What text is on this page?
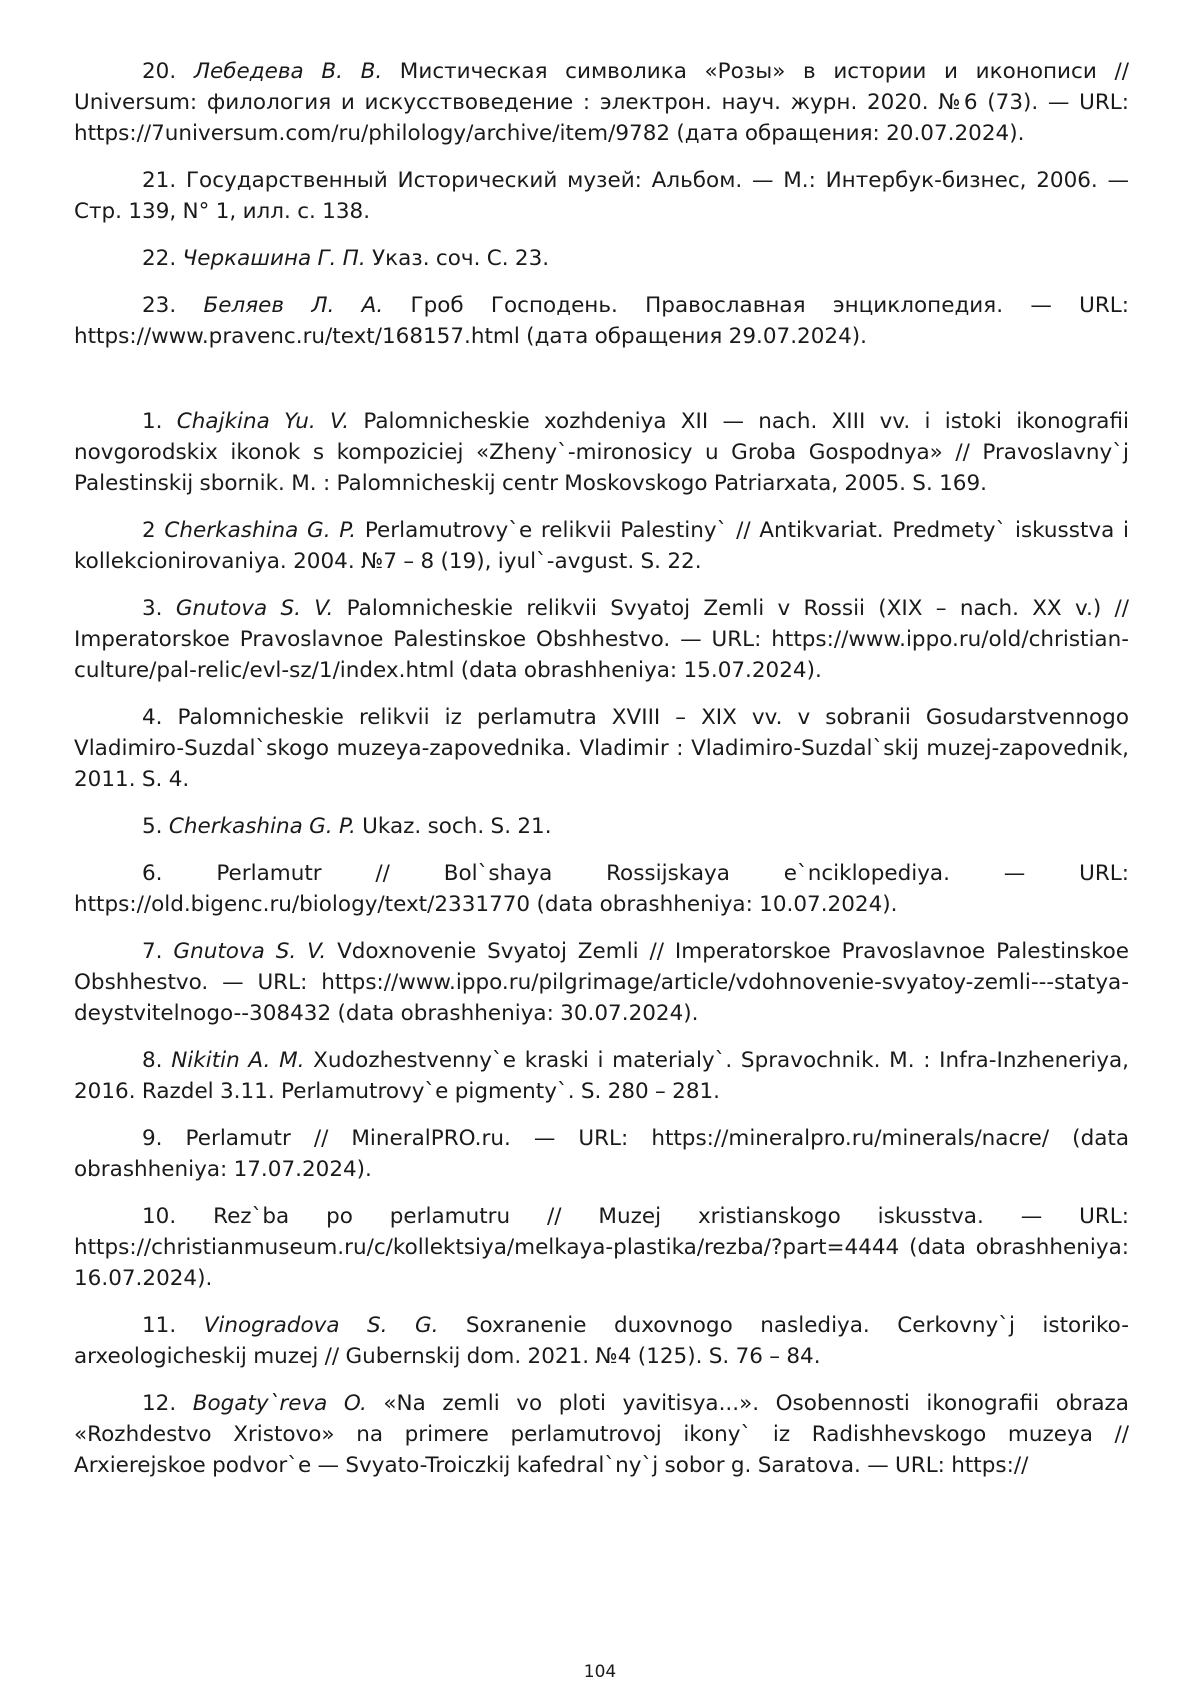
20. Лебедева В. В. Мистическая символика «Розы» в истории и иконописи // Universum: филология и искусствоведение : электрон. науч. журн. 2020. №6 (73). — URL: https://7universum.com/ru/philology/archive/item/9782 (дата обращения: 20.07.2024).

21. Государственный Исторический музей: Альбом. — М.: Интербук-бизнес, 2006. — Стр. 139, N° 1, илл. с. 138.

22. Черкашина Г. П. Указ. соч. С. 23.

23. Беляев Л. А. Гроб Господень. Православная энциклопедия. — URL: https://www.pravenc.ru/text/168157.html (дата обращения 29.07.2024).

1. Chajkina Yu. V. Palomnicheskie xozhdeniya XII — nach. XIII vv. i istoki ikonografii novgorodskix ikonok s kompoziciej «Zheny`-mironosicy u Groba Gospodnya» // Pravoslavny`j Palestinskij sbornik. M. : Palomnicheskij centr Moskovskogo Patriarxata, 2005. S. 169.

2 Cherkashina G. P. Perlamutrovy`e relikvii Palestiny` // Antikvariat. Predmety` iskusstva i kollekcionirovaniya. 2004. №7 – 8 (19), iyul`-avgust. S. 22.

3. Gnutova S. V. Palomnicheskie relikvii Svyatoj Zemli v Rossii (XIX – nach. XX v.) // Imperatorskoe Pravoslavnoe Palestinskoe Obshhestvo. — URL: https://www.ippo.ru/old/christian-culture/pal-relic/evl-sz/1/index.html (data obrashheniya: 15.07.2024).

4. Palomnicheskie relikvii iz perlamutra XVIII – XIX vv. v sobranii Gosudarstvennogo Vladimiro-Suzdal`skogo muzeya-zapovednika. Vladimir : Vladimiro-Suzdal`skij muzej-zapovednik, 2011. S. 4.

5. Cherkashina G. P. Ukaz. soch. S. 21.

6. Perlamutr // Bol`shaya Rossijskaya e`nciklopediya. — URL: https://old.bigenc.ru/biology/text/2331770 (data obrashheniya: 10.07.2024).

7. Gnutova S. V. Vdoxnovenie Svyatoj Zemli // Imperatorskoe Pravoslavnoe Palestinskoe Obshhestvo. — URL: https://www.ippo.ru/pilgrimage/article/vdohnovenie-svyatoy-zemli---statya-deystvitelnogo--308432 (data obrashheniya: 30.07.2024).

8. Nikitin A. M. Xudozhestvenny`e kraski i materialy`. Spravochnik. M. : Infra-Inzheneriya, 2016. Razdel 3.11. Perlamutrovy`e pigmenty`. S. 280 – 281.

9. Perlamutr // MineralPRO.ru. — URL: https://mineralpro.ru/minerals/nacre/ (data obrashheniya: 17.07.2024).

10. Rez`ba po perlamutru // Muzej xristianskogo iskusstva. — URL: https://christianmuseum.ru/c/kollektsiya/melkaya-plastika/rezba/?part=4444 (data obrashheniya: 16.07.2024).

11. Vinogradova S. G. Soxranenie duxovnogo naslediya. Cerkovny`j istoriko-arxeologicheskij muzej // Gubernskij dom. 2021. №4 (125). S. 76 – 84.

12. Bogaty`reva O. «Na zemli vo ploti yavitisya...». Osobennosti ikonografii obraza «Rozhdestvo Xristovo» na primere perlamutrovoj ikony` iz Radishhevskogo muzeya // Arxierejskoe podvor`e — Svyato-Troiczkij kafedral`ny`j sobor g. Saratova. — URL: https://

104
